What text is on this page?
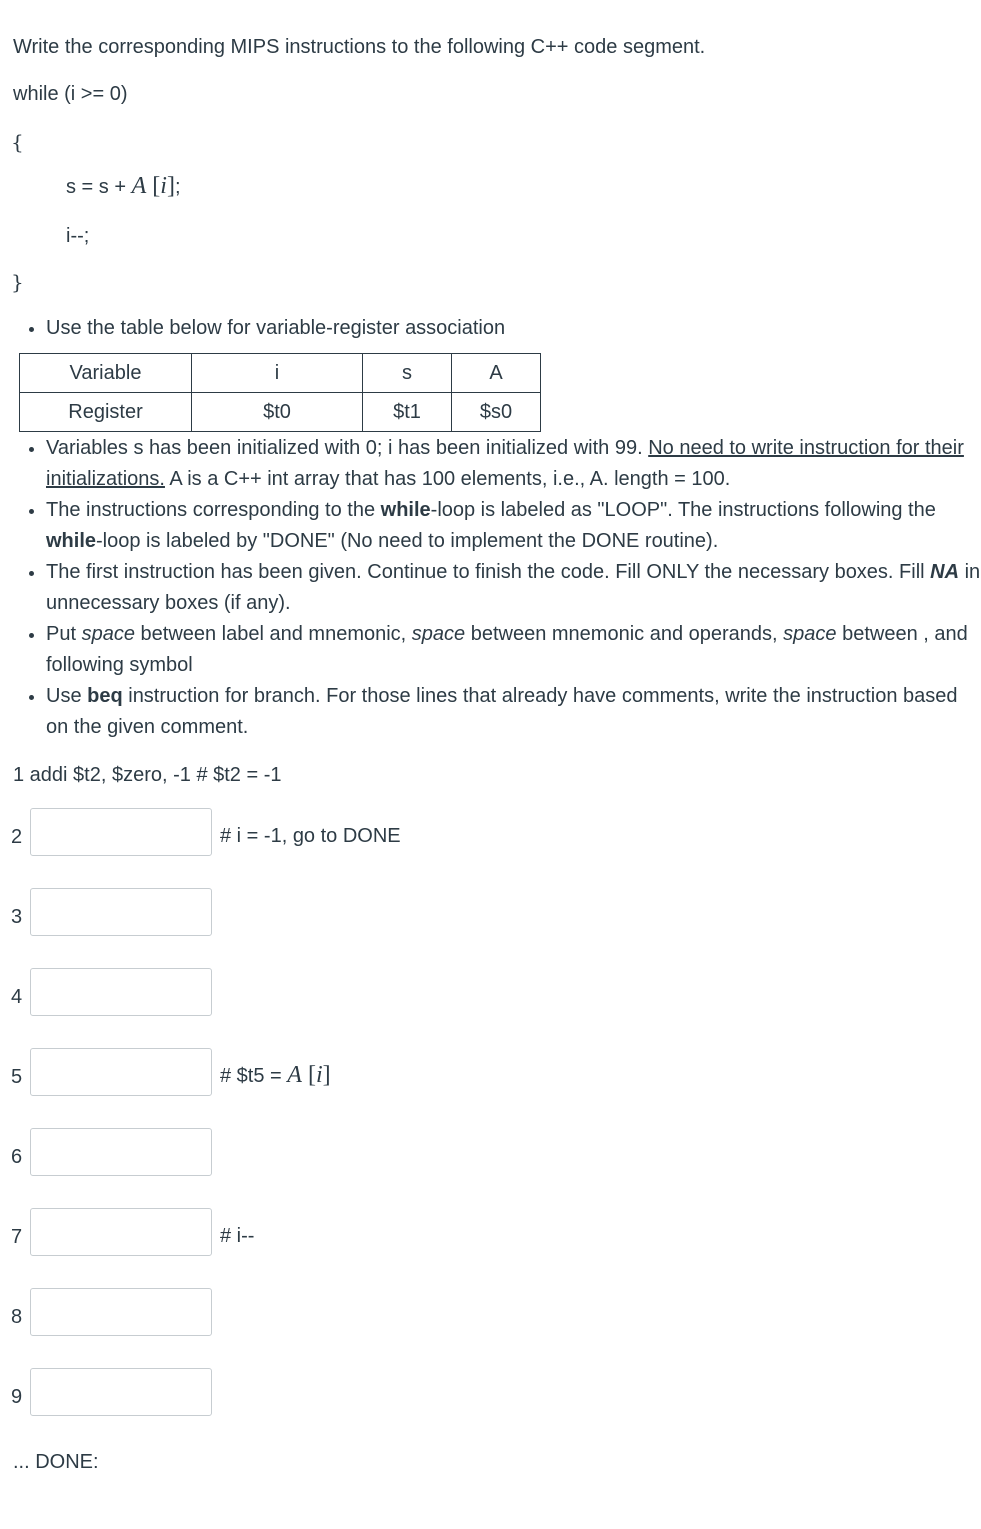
Write the corresponding MIPS instructions to the following C++ code segment.
while (i >= 0)
{
s = s + A [i];
i--;
}
• Use the table below for variable-register association
Variable	i	s	A
Register	$t0	$t1	$s0
• Variables s has been initialized with 0; i has been initialized with 99. No need to write instruction for their initializations. A is a C++ int array that has 100 elements, i.e., A. length = 100.
• The instructions corresponding to the while-loop is labeled as "LOOP". The instructions following the while-loop is labeled by "DONE" (No need to implement the DONE routine).
• The first instruction has been given. Continue to finish the code. Fill ONLY the necessary boxes. Fill NA in unnecessary boxes (if any).
• Put space between label and mnemonic, space between mnemonic and operands, space between , and following symbol
• Use beq instruction for branch. For those lines that already have comments, write the instruction based on the given comment.
1 addi $t2, $zero, -1 # $t2 = -1
2	# i = -1, go to DONE
3
4
5	# $t5 = A [i]
6
7	# i--
8
9
... DONE:
